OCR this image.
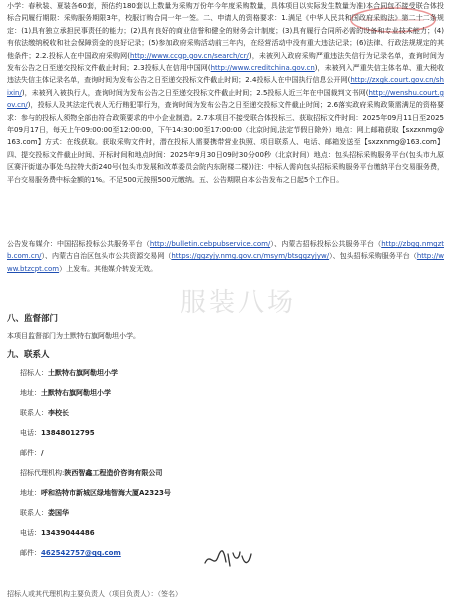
小学：春秋装、夏装各60套，预估约180套以上数量为采购万份年今年度采购数量，具体项目以实际发生数量为准)本合同包不接受联合体投标合同履行期限：采购服务期限3年，校服订购合同一年一签。二、申请人的资格要求：1.满足《中华人民共和国政府采购法》第二十二条规定：(1)具有独立承担民事责任的能力；(2)具有良好的商业信誉和健全的财务会计制度；(3)具有履行合同所必需的设备和专业技术能力；(4)有依法缴纳税收和社会保障资金的良好记录；(5)参加政府采购活动前三年内，在经营活动中没有重大违法记录；(6)法律、行政法规规定的其他条件；2.2.投标人在中国政府采购网(http://www.ccgp.gov.cn/search/cr/)，未被列入政府采购严重违法失信行为记录名单，查询时间为发布公告之日至递交投标文件截止时间；2.3投标人在信用中国网(http://www.creditchina.gov.cn)，未被列入严重失信主体名单、重大税收违法失信主体记录名单，查询时间为发布公告之日至递交投标文件截止时间；2.4投标人在中国执行信息公开网(http://zxgk.court.gov.cn/shixin/)，未被列入被执行人，查询时间为发布公告之日至递交投标文件截止时间；2.5投标人近三年在中国裁判文书网(http://wenshu.court.gov.cn/)，投标人及其法定代表人无行贿犯罪行为，查询时间为发布公告之日至递交投标文件截止时间；2.6落实政府采购政策需满足的资格要求：参与的投标人须物全部由符合政策要求的中小企业制造。2.7本项目不接受联合体投标三、获取招标文件时间：2025年09月11日至2025年09月17日，每天上午09:00:00至12:00:00，下午14:30:00至17:00:00（北京时间,法定节假日除外）地点：网上邮箱获取【sxzxnmg@163.com】方式：在线获取。获取采购文件时，潜在投标人需要携带营业执照、项目联系人、电话、邮箱发送至【sxzxnmg@163.com】四、提交投标文件截止时间、开标时间和地点时间：2025年9月30日09时30分00秒（北京时间）地点：包头招标采购服务平台(包头市九原区赛汗街道办事处乌拉特大街240号(包头市发展和改革委员会院内东附楼二楼))注：中标人需向包头招标采购服务平台缴纳平台交易服务费，平台交易服务费中标金额的1%。不足500元按照500元缴纳。五、公告期限自本公告发布之日起5个工作日。

公告发布媒介：中国招标投标公共服务平台（http://bulletin.cebpubservice.com/）、内蒙古招标投标公共服务平台（http://zbgg.nmgztb.com.cn/）、内蒙古自治区包头市公共资源交易网（https://ggzyjy.nmg.gov.cn/msym/btsggzyjyw/）、包头招标采购服务平台（http://www.btzcpt.com）上发布。其他媒介转发无效。

服装八场

八、监督部门

本项目监督部门为土默特右旗阿勒坦小学。

九、联系人

招标人：土默特右旗阿勒坦小学

地址：土默特右旗阿勒坦小学

联系人：李校长

电话：13848012795

邮件：/

招标代理机构:陕西智鑫工程造价咨询有限公司

地址：呼和浩特市新城区绿地智海大厦A2323号

联系人：娄国华

电话：13439044486

邮件：462542757@qq.com

招标人或其代理机构主要负责人（项目负责人）：（签名）
